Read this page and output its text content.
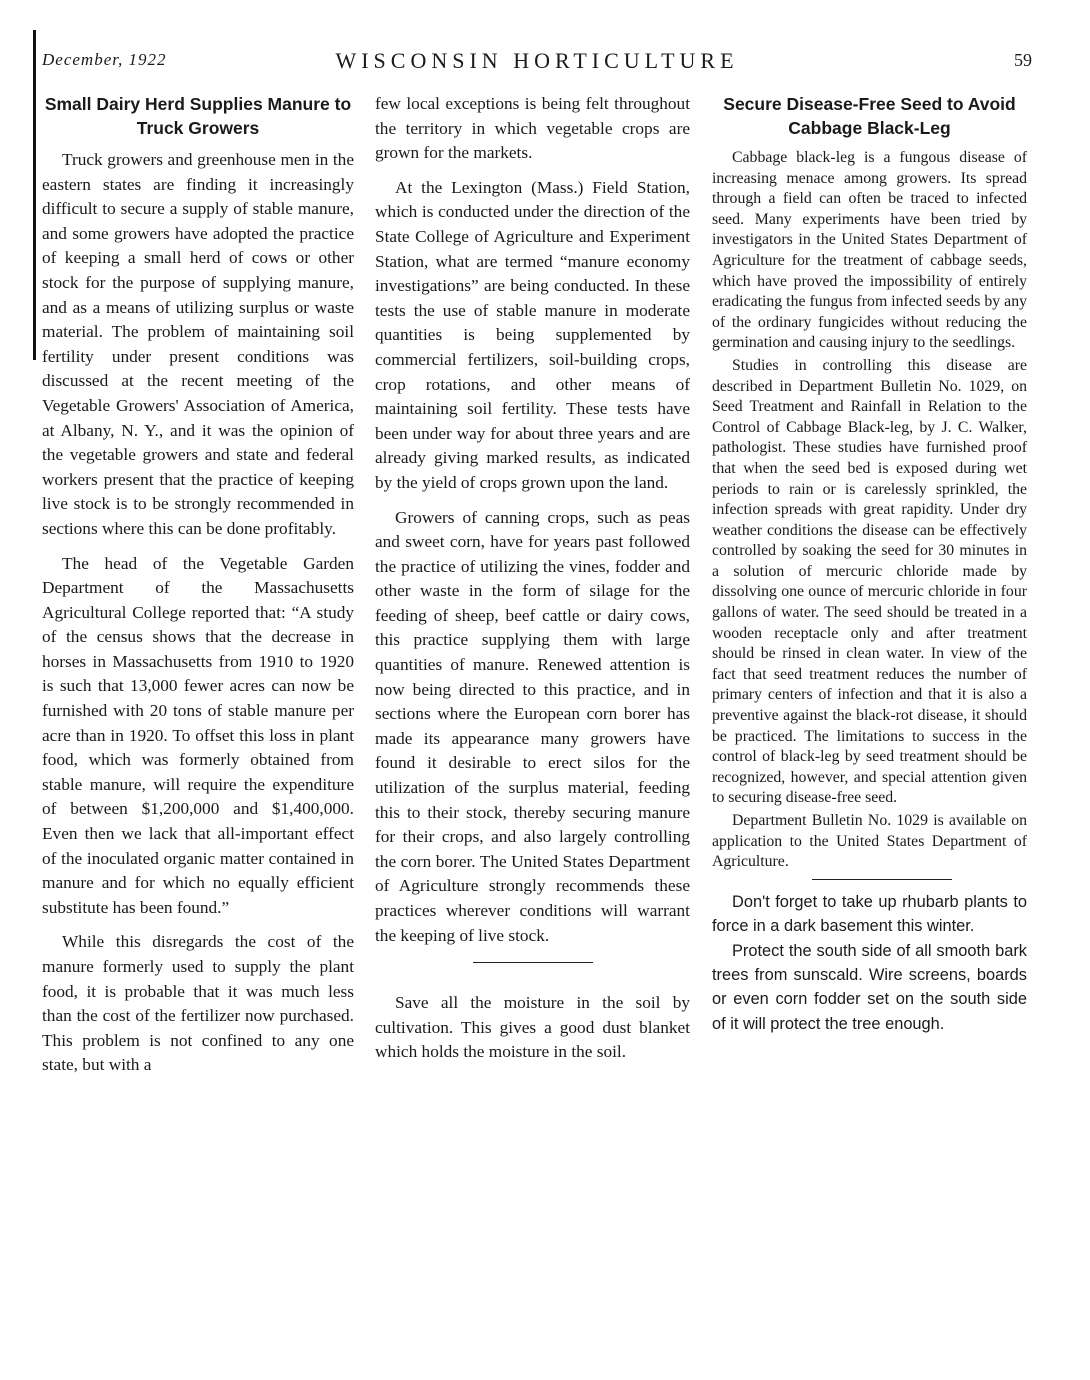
December, 1922	WISCONSIN HORTICULTURE	59
Small Dairy Herd Supplies Manure to Truck Growers

Truck growers and greenhouse men in the eastern states are finding it increasingly difficult to secure a supply of stable manure, and some growers have adopted the practice of keeping a small herd of cows or other stock for the purpose of supplying manure, and as a means of utilizing surplus or waste material. The problem of maintaining soil fertility under present conditions was discussed at the recent meeting of the Vegetable Growers' Association of America, at Albany, N. Y., and it was the opinion of the vegetable growers and state and federal workers present that the practice of keeping live stock is to be strongly recommended in sections where this can be done profitably.

The head of the Vegetable Garden Department of the Massachusetts Agricultural College reported that: “A study of the census shows that the decrease in horses in Massachusetts from 1910 to 1920 is such that 13,000 fewer acres can now be furnished with 20 tons of stable manure per acre than in 1920. To offset this loss in plant food, which was formerly obtained from stable manure, will require the expenditure of between $1,200,000 and $1,400,000. Even then we lack that all-important effect of the inoculated organic matter contained in manure and for which no equally efficient substitute has been found.”

While this disregards the cost of the manure formerly used to supply the plant food, it is probable that it was much less than the cost of the fertilizer now purchased. This problem is not confined to any one state, but with a

few local exceptions is being felt throughout the territory in which vegetable crops are grown for the markets.

At the Lexington (Mass.) Field Station, which is conducted under the direction of the State College of Agriculture and Experiment Station, what are termed “manure economy investigations” are being conducted. In these tests the use of stable manure in moderate quantities is being supplemented by commercial fertilizers, soil-building crops, crop rotations, and other means of maintaining soil fertility. These tests have been under way for about three years and are already giving marked results, as indicated by the yield of crops grown upon the land.

Growers of canning crops, such as peas and sweet corn, have for years past followed the practice of utilizing the vines, fodder and other waste in the form of silage for the feeding of sheep, beef cattle or dairy cows, this practice supplying them with large quantities of manure. Renewed attention is now being directed to this practice, and in sections where the European corn borer has made its appearance many growers have found it desirable to erect silos for the utilization of the surplus material, feeding this to their stock, thereby securing manure for their crops, and also largely controlling the corn borer. The United States Department of Agriculture strongly recommends these practices wherever conditions will warrant the keeping of live stock.

Save all the moisture in the soil by cultivation. This gives a good dust blanket which holds the moisture in the soil.

Secure Disease-Free Seed to Avoid Cabbage Black-Leg

Cabbage black-leg is a fungous disease of increasing menace among growers. Its spread through a field can often be traced to infected seed. Many experiments have been tried by investigators in the United States Department of Agriculture for the treatment of cabbage seeds, which have proved the impossibility of entirely eradicating the fungus from infected seeds by any of the ordinary fungicides without reducing the germination and causing injury to the seedlings.

Studies in controlling this disease are described in Department Bulletin No. 1029, on Seed Treatment and Rainfall in Relation to the Control of Cabbage Black-leg, by J. C. Walker, pathologist. These studies have furnished proof that when the seed bed is exposed during wet periods to rain or is carelessly sprinkled, the infection spreads with great rapidity. Under dry weather conditions the disease can be effectively controlled by soaking the seed for 30 minutes in a solution of mercuric chloride made by dissolving one ounce of mercuric chloride in four gallons of water. The seed should be treated in a wooden receptacle only and after treatment should be rinsed in clean water. In view of the fact that seed treatment reduces the number of primary centers of infection and that it is also a preventive against the black-rot disease, it should be practiced. The limitations to success in the control of black-leg by seed treatment should be recognized, however, and special attention given to securing disease-free seed.

Department Bulletin No. 1029 is available on application to the United States Department of Agriculture.

Don't forget to take up rhubarb plants to force in a dark basement this winter.

Protect the south side of all smooth bark trees from sunscald. Wire screens, boards or even corn fodder set on the south side of it will protect the tree enough.
